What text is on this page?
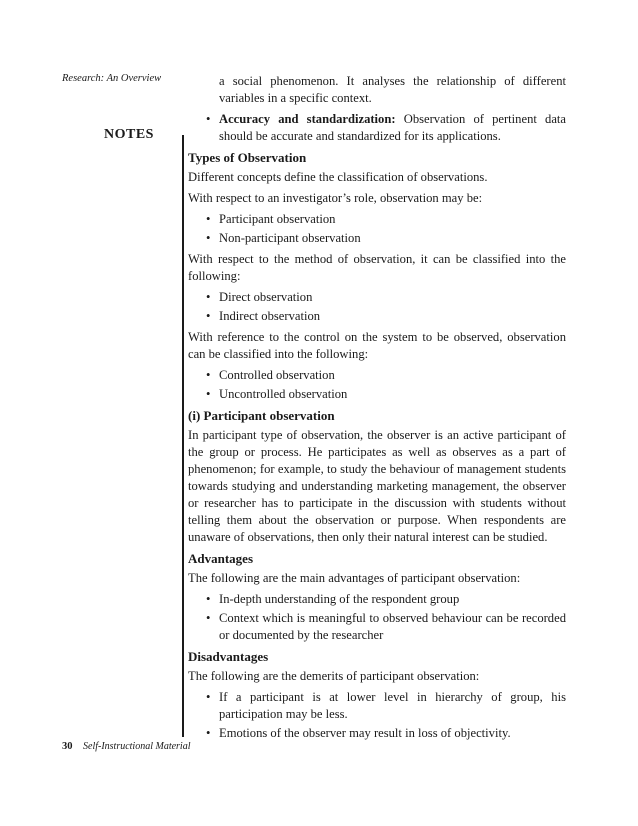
Research: An Overview
NOTES

a social phenomenon. It analyses the relationship of different variables in a specific context.

• Accuracy and standardization: Observation of pertinent data should be accurate and standardized for its applications.
Types of Observation

Different concepts define the classification of observations.

With respect to an investigator’s role, observation may be:

• Participant observation
• Non-participant observation

With respect to the method of observation, it can be classified into the following:

• Direct observation
• Indirect observation

With reference to the control on the system to be observed, observation can be classified into the following:

• Controlled observation
• Uncontrolled observation
(i) Participant observation

In participant type of observation, the observer is an active participant of the group or process. He participates as well as observes as a part of phenomenon; for example, to study the behaviour of management students towards studying and understanding marketing management, the observer or researcher has to participate in the discussion with students without telling them about the observation or purpose. When respondents are unaware of observations, then only their natural interest can be studied.

Advantages

The following are the main advantages of participant observation:

• In-depth understanding of the respondent group
• Context which is meaningful to observed behaviour can be recorded or documented by the researcher
Disadvantages

The following are the demerits of participant observation:

• If a participant is at lower level in hierarchy of group, his participation may be less.
• Emotions of the observer may result in loss of objectivity.
30 Self-Instructional Material
